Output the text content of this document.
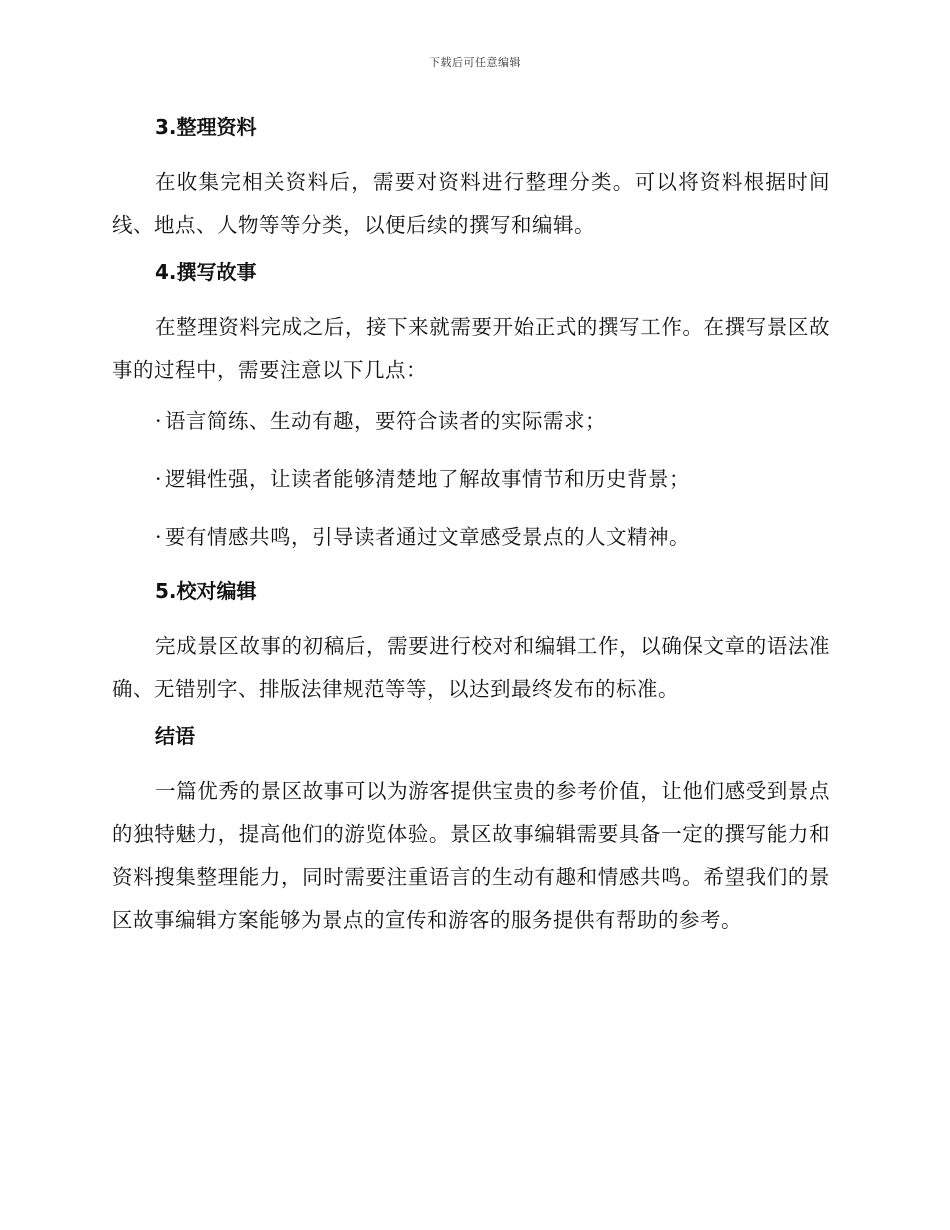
下载后可任意编辑
3.整理资料

在收集完相关资料后，需要对资料进行整理分类。可以将资料根据时间线、地点、人物等等分类，以便后续的撰写和编辑。

4.撰写故事

在整理资料完成之后，接下来就需要开始正式的撰写工作。在撰写景区故事的过程中，需要注意以下几点：

· 语言简练、生动有趣，要符合读者的实际需求；
· 逻辑性强，让读者能够清楚地了解故事情节和历史背景；
· 要有情感共鸣，引导读者通过文章感受景点的人文精神。
5.校对编辑

完成景区故事的初稿后，需要进行校对和编辑工作，以确保文章的语法准确、无错别字、排版法律规范等等，以达到最终发布的标准。

结语

一篇优秀的景区故事可以为游客提供宝贵的参考价值，让他们感受到景点的独特魅力，提高他们的游览体验。景区故事编辑需要具备一定的撰写能力和资料搜集整理能力，同时需要注重语言的生动有趣和情感共鸣。希望我们的景区故事编辑方案能够为景点的宣传和游客的服务提供有帮助的参考。
